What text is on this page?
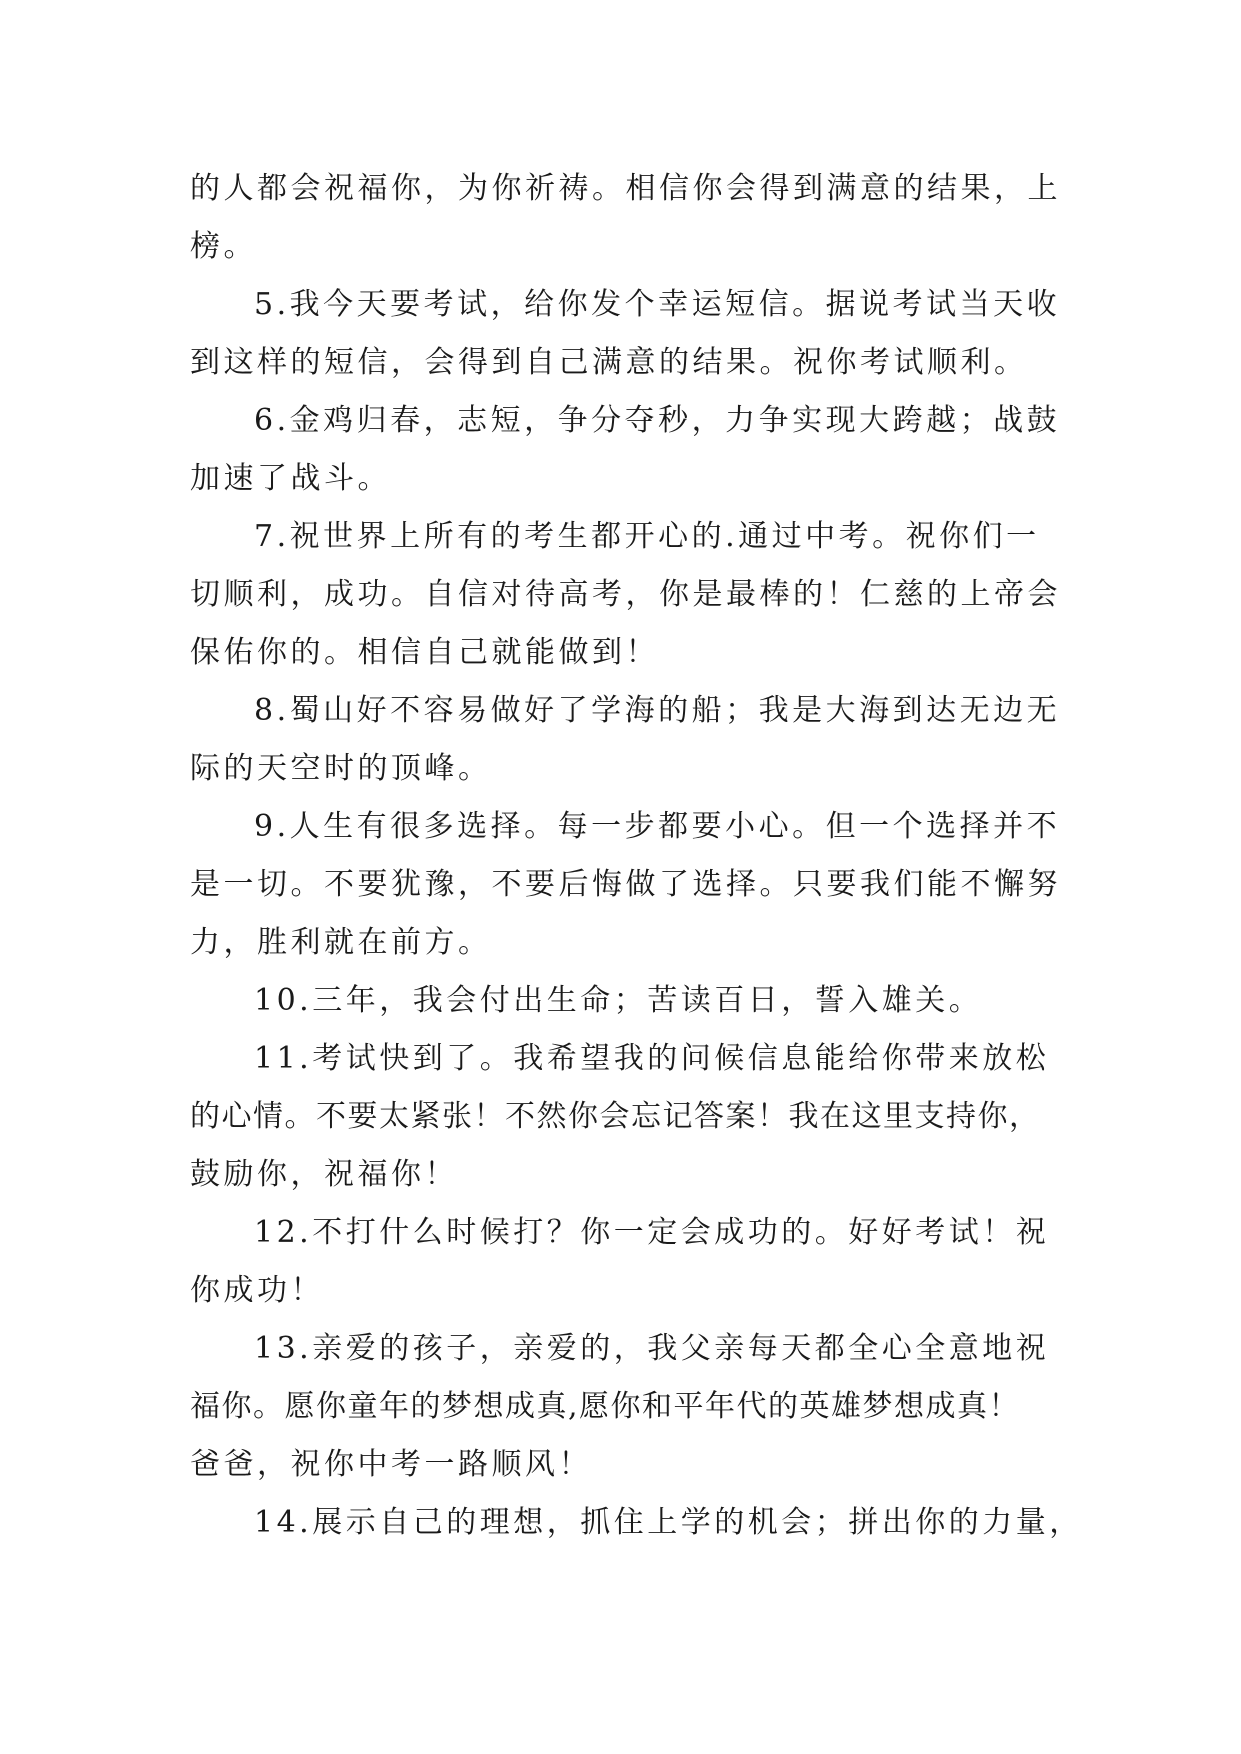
的人都会祝福你，为你祈祷。相信你会得到满意的结果，上
榜。
5.我今天要考试，给你发个幸运短信。据说考试当天收
到这样的短信，会得到自己满意的结果。祝你考试顺利。
6.金鸡归春，志短，争分夺秒，力争实现大跨越；战鼓
加速了战斗。
7.祝世界上所有的考生都开心的.通过中考。祝你们一
切顺利，成功。自信对待高考，你是最棒的！仁慈的上帝会
保佑你的。相信自己就能做到！
8.蜀山好不容易做好了学海的船；我是大海到达无边无
际的天空时的顶峰。
9.人生有很多选择。每一步都要小心。但一个选择并不
是一切。不要犹豫，不要后悔做了选择。只要我们能不懈努
力，胜利就在前方。
10.三年，我会付出生命；苦读百日，誓入雄关。
11.考试快到了。我希望我的问候信息能给你带来放松
的心情。不要太紧张！不然你会忘记答案！我在这里支持你，
鼓励你，祝福你！
12.不打什么时候打？你一定会成功的。好好考试！祝
你成功！
13.亲爱的孩子，亲爱的，我父亲每天都全心全意地祝
福你。愿你童年的梦想成真,愿你和平年代的英雄梦想成真！
爸爸，祝你中考一路顺风！
14.展示自己的理想，抓住上学的机会；拼出你的力量，
